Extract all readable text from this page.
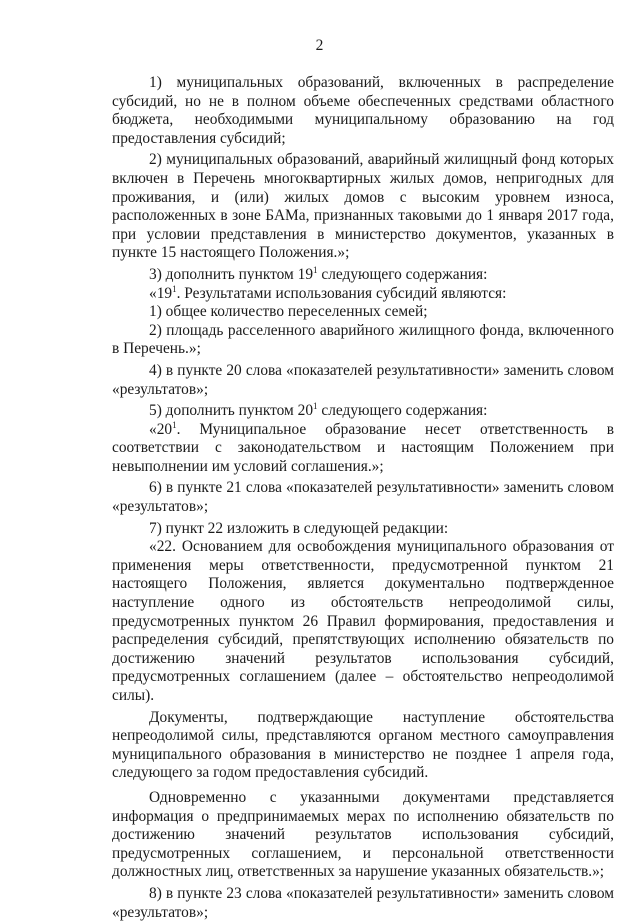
2

1) муниципальных образований, включенных в распределение субсидий, но не в полном объеме обеспеченных средствами областного бюджета, необходимыми муниципальному образованию на год предоставления субсидий;

2) муниципальных образований, аварийный жилищный фонд которых включен в Перечень многоквартирных жилых домов, непригодных для проживания, и (или) жилых домов с высоким уровнем износа, расположенных в зоне БАМа, признанных таковыми до 1 января 2017 года, при условии представления в министерство документов, указанных в пункте 15 настоящего Положения.»;

3) дополнить пунктом $19^1$ следующего содержания:

«$19^1$. Результатами использования субсидий являются:

1) общее количество переселенных семей;

2) площадь расселенного аварийного жилищного фонда, включенного в Перечень.»;

4) в пункте 20 слова «показателей результативности» заменить словом «результатов»;

5) дополнить пунктом $20^1$ следующего содержания:

«$20^1$. Муниципальное образование несет ответственность в соответствии с законодательством и настоящим Положением при невыполнении им условий соглашения.»;

6) в пункте 21 слова «показателей результативности» заменить словом «результатов»;

7) пункт 22 изложить в следующей редакции:

«22. Основанием для освобождения муниципального образования от применения меры ответственности, предусмотренной пунктом 21 настоящего Положения, является документально подтвержденное наступление одного из обстоятельств непреодолимой силы, предусмотренных пунктом 26 Правил формирования, предоставления и распределения субсидий, препятствующих исполнению обязательств по достижению значений результатов использования субсидий, предусмотренных соглашением (далее – обстоятельство непреодолимой силы).

Документы, подтверждающие наступление обстоятельства непреодолимой силы, представляются органом местного самоуправления муниципального образования в министерство не позднее 1 апреля года, следующего за годом предоставления субсидий.

Одновременно с указанными документами представляется информация о предпринимаемых мерах по исполнению обязательств по достижению значений результатов использования субсидий, предусмотренных соглашением, и персональной ответственности должностных лиц, ответственных за нарушение указанных обязательств.»;

8) в пункте 23 слова «показателей результативности» заменить словом «результатов»;
